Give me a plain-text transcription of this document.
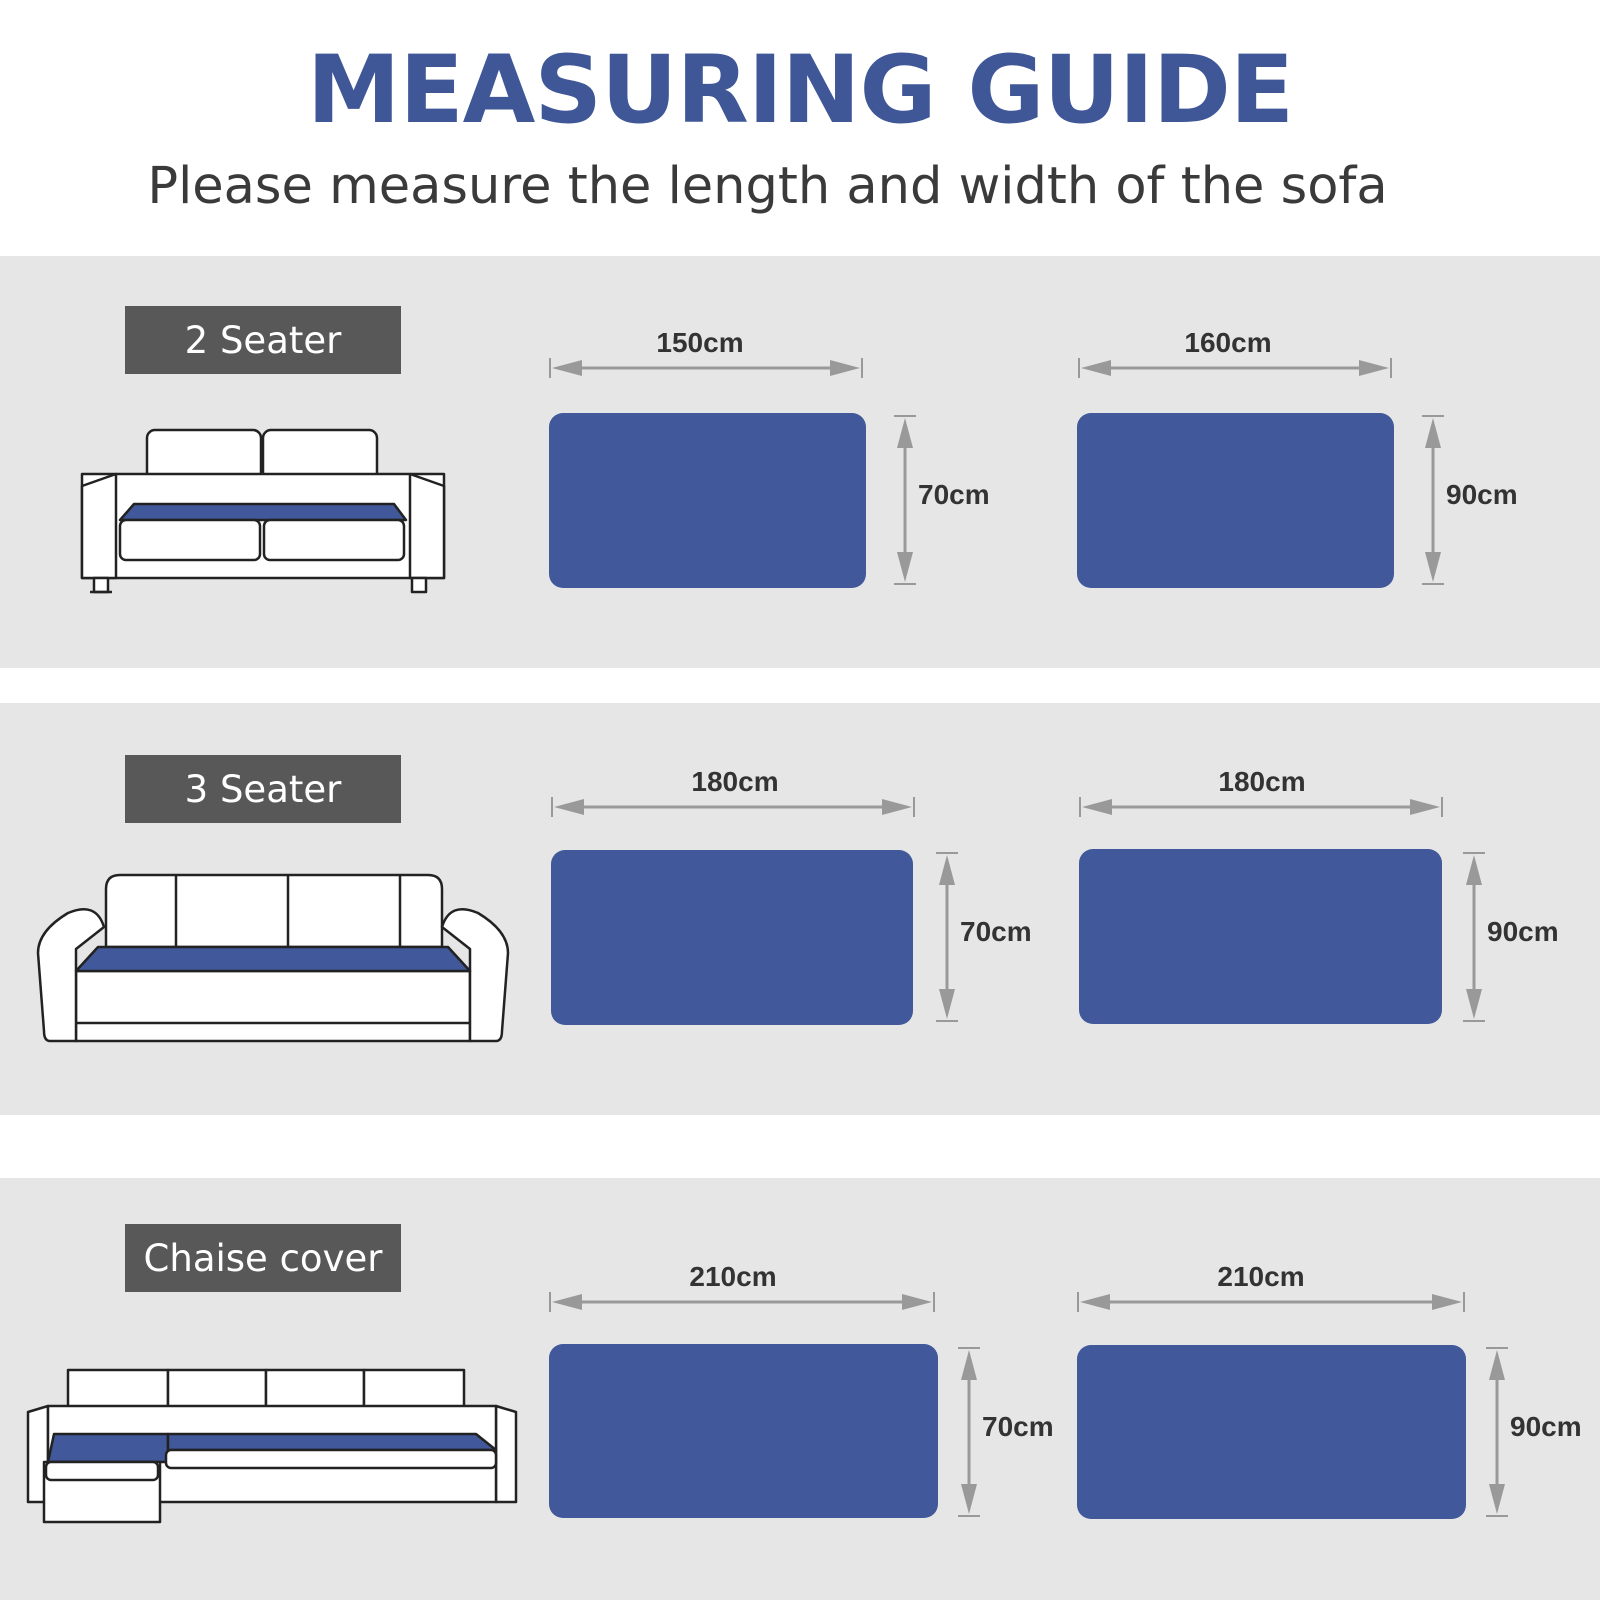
MEASURING GUIDE
Please measure the length and width of the sofa
2 Seater	150cm
70cm
160cm
90cm
3 Seater	180cm
70cm
180cm
90cm
Chaise cover	210cm
70cm
210cm
90cm
